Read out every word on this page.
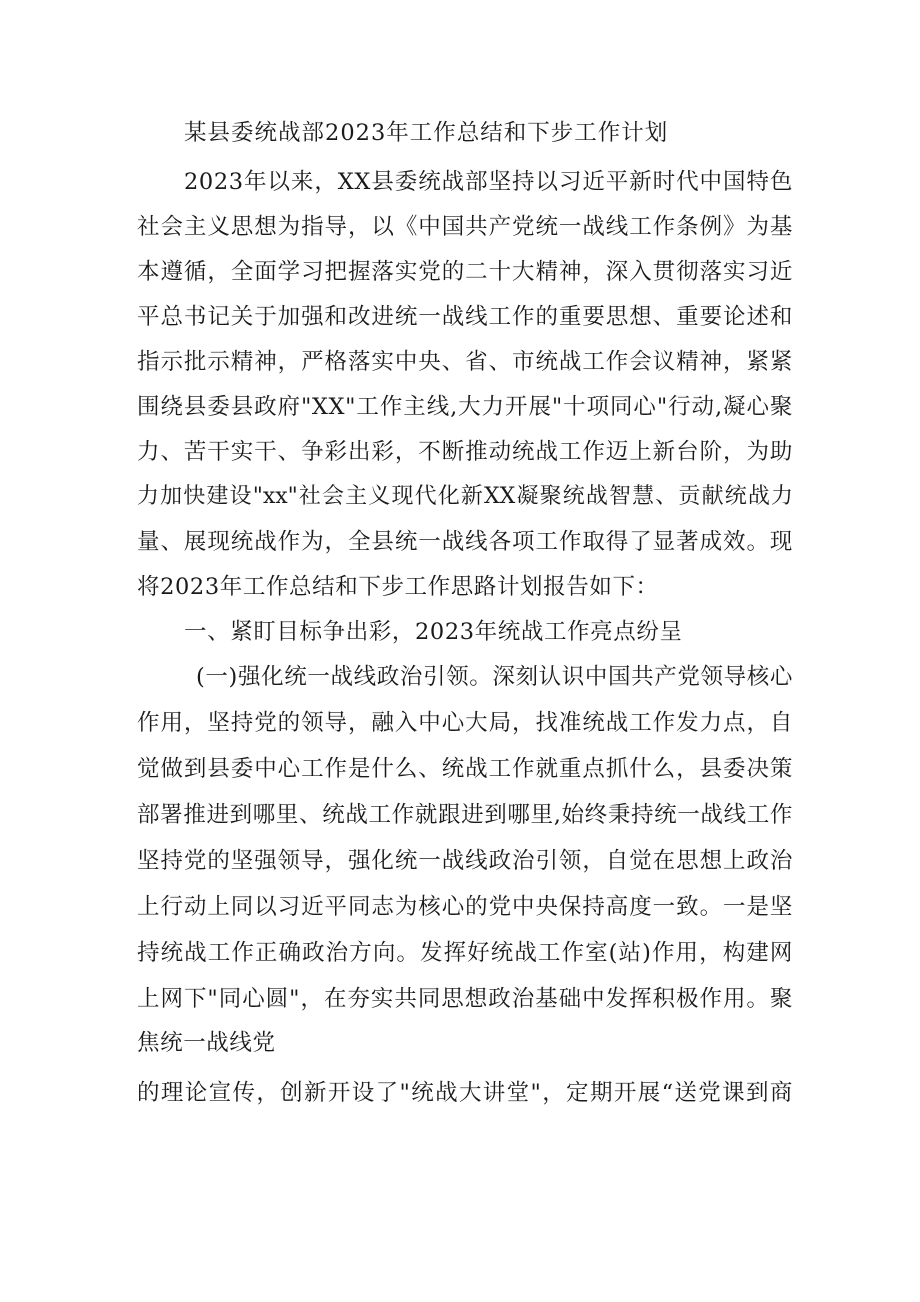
某县委统战部2023年工作总结和下步工作计划
2023年以来，XX县委统战部坚持以习近平新时代中国特色
社会主义思想为指导，以《中国共产党统一战线工作条例》为基
本遵循，全面学习把握落实党的二十大精神，深入贯彻落实习近
平总书记关于加强和改进统一战线工作的重要思想、重要论述和
指示批示精神，严格落实中央、省、市统战工作会议精神，紧紧
围绕县委县政府"XX"工作主线,大力开展"十项同心"行动,凝心聚
力、苦干实干、争彩出彩，不断推动统战工作迈上新台阶，为助
力加快建设"xx"社会主义现代化新XX凝聚统战智慧、贡献统战力
量、展现统战作为，全县统一战线各项工作取得了显著成效。现
将2023年工作总结和下步工作思路计划报告如下：
一、紧盯目标争出彩，2023年统战工作亮点纷呈
(一)强化统一战线政治引领。深刻认识中国共产党领导核心
作用，坚持党的领导，融入中心大局，找准统战工作发力点，自
觉做到县委中心工作是什么、统战工作就重点抓什么，县委决策
部署推进到哪里、统战工作就跟进到哪里,始终秉持统一战线工作
坚持党的坚强领导，强化统一战线政治引领，自觉在思想上政治
上行动上同以习近平同志为核心的党中央保持高度一致。一是坚
持统战工作正确政治方向。发挥好统战工作室(站)作用，构建网
上网下"同心圆"，在夯实共同思想政治基础中发挥积极作用。聚
焦统一战线党
的理论宣传，创新开设了"统战大讲堂"，定期开展“送党课到商
